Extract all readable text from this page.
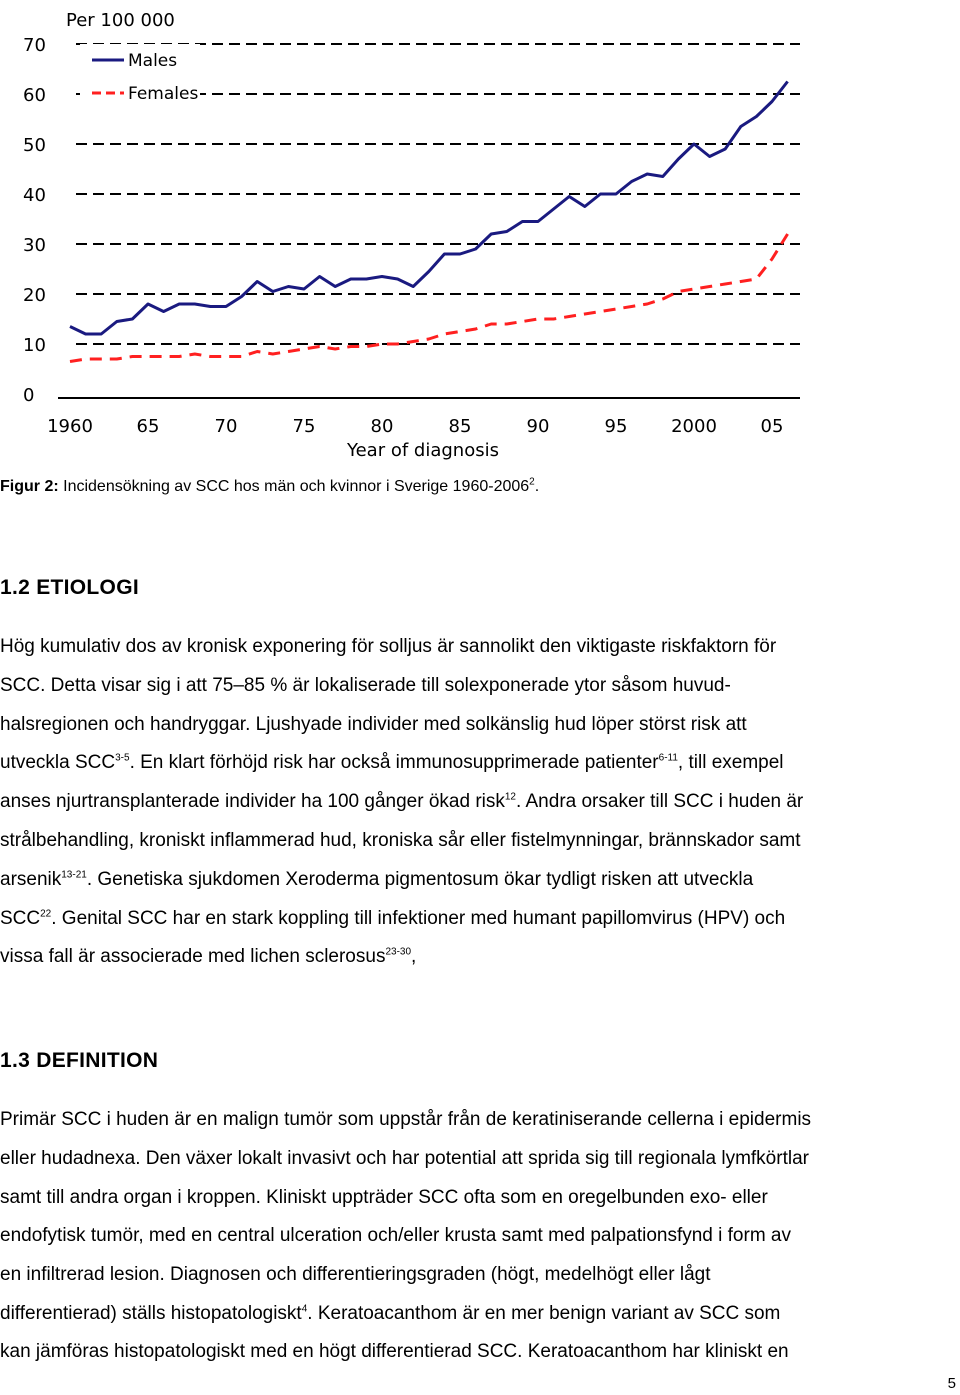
0
10
20
30
40
50
60
70
1960 65	70	75	80	85	90	95 2000 05
Per 100 000
Year of diagnosis
Males
Females
Figur 2: Incidensökning av SCC hos män och kvinnor i Sverige 1960-2006$^2$.
1.2 ETIOLOGI
Hög kumulativ dos av kronisk exponering för solljus är sannolikt den viktigaste riskfaktorn för
SCC. Detta visar sig i att 75–85 % är lokaliserade till solexponerade ytor såsom huvud-
halsregionen och handryggar. Ljushyade individer med solkänslig hud löper störst risk att
utveckla SCC$^{3-5}$. En klart förhöjd risk har också immunosupprimerade patienter$^{6-11}$, till exempel
anses njurtransplanterade individer ha 100 gånger ökad risk$^{12}$. Andra orsaker till SCC i huden är
strålbehandling, kroniskt inflammerad hud, kroniska sår eller fistelmynningar, brännskador samt
arsenik$^{13-21}$. Genetiska sjukdomen Xeroderma pigmentosum ökar tydligt risken att utveckla
SCC$^{22}$. Genital SCC har en stark koppling till infektioner med humant papillomvirus (HPV) och
vissa fall är associerade med lichen sclerosus$^{23-30}$,
1.3 DEFINITION
Primär SCC i huden är en malign tumör som uppstår från de keratiniserande cellerna i epidermis
eller hudadnexa. Den växer lokalt invasivt och har potential att sprida sig till regionala lymfkörtlar
samt till andra organ i kroppen. Kliniskt uppträder SCC ofta som en oregelbunden exo- eller
endofytisk tumör, med en central ulceration och/eller krusta samt med palpationsfynd i form av
en infiltrerad lesion. Diagnosen och differentieringsgraden (högt, medelhögt eller lågt
differentierad) ställs histopatologiskt$^4$. Keratoacanthom är en mer benign variant av SCC som
kan jämföras histopatologiskt med en högt differentierad SCC. Keratoacanthom har kliniskt en
5
